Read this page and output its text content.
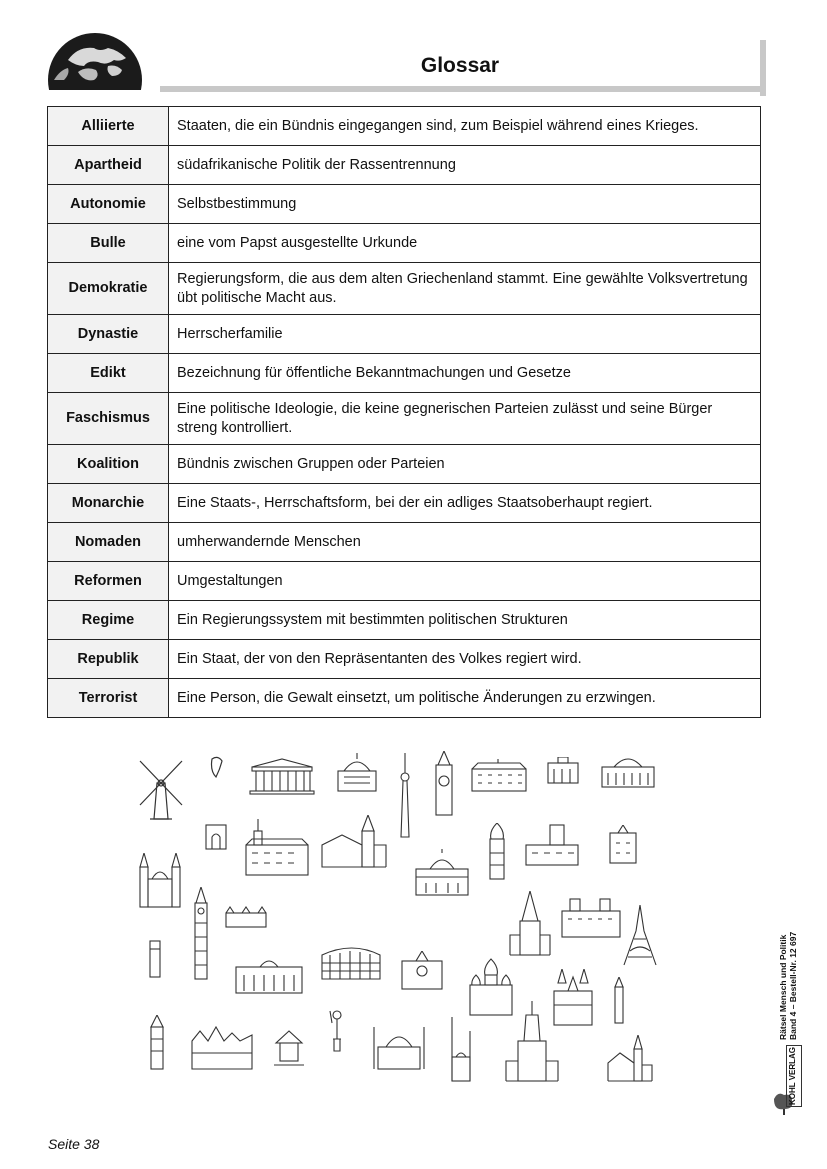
Glossar
Alliierte	Staaten, die ein Bündnis eingegangen sind, zum Beispiel während eines Krieges.
Apartheid	südafrikanische Politik der Rassentrennung
Autonomie	Selbstbestimmung
Bulle	eine vom Papst ausgestellte Urkunde
Demokratie	Regierungsform, die aus dem alten Griechenland stammt. Eine gewählte Volksvertretung übt politische Macht aus.
Dynastie	Herrscherfamilie
Edikt	Bezeichnung für öffentliche Bekanntmachungen und Gesetze
Faschismus	Eine politische Ideologie, die keine gegnerischen Parteien zulässt und seine Bürger streng kontrolliert.
Koalition	Bündnis zwischen Gruppen oder Parteien
Monarchie	Eine Staats-, Herrschaftsform, bei der ein adliges Staatsoberhaupt regiert.
Nomaden	umherwandernde Menschen
Reformen	Umgestaltungen
Regime	Ein Regierungssystem mit bestimmten politischen Strukturen
Republik	Ein Staat, der von den Repräsentanten des Volkes regiert wird.
Terrorist	Eine Person, die Gewalt einsetzt, um politische Änderungen zu erzwingen.
Rätsel Mensch und Politik Band 4 – Bestell-Nr. 12 697
KOHL VERLAG
Seite 38
